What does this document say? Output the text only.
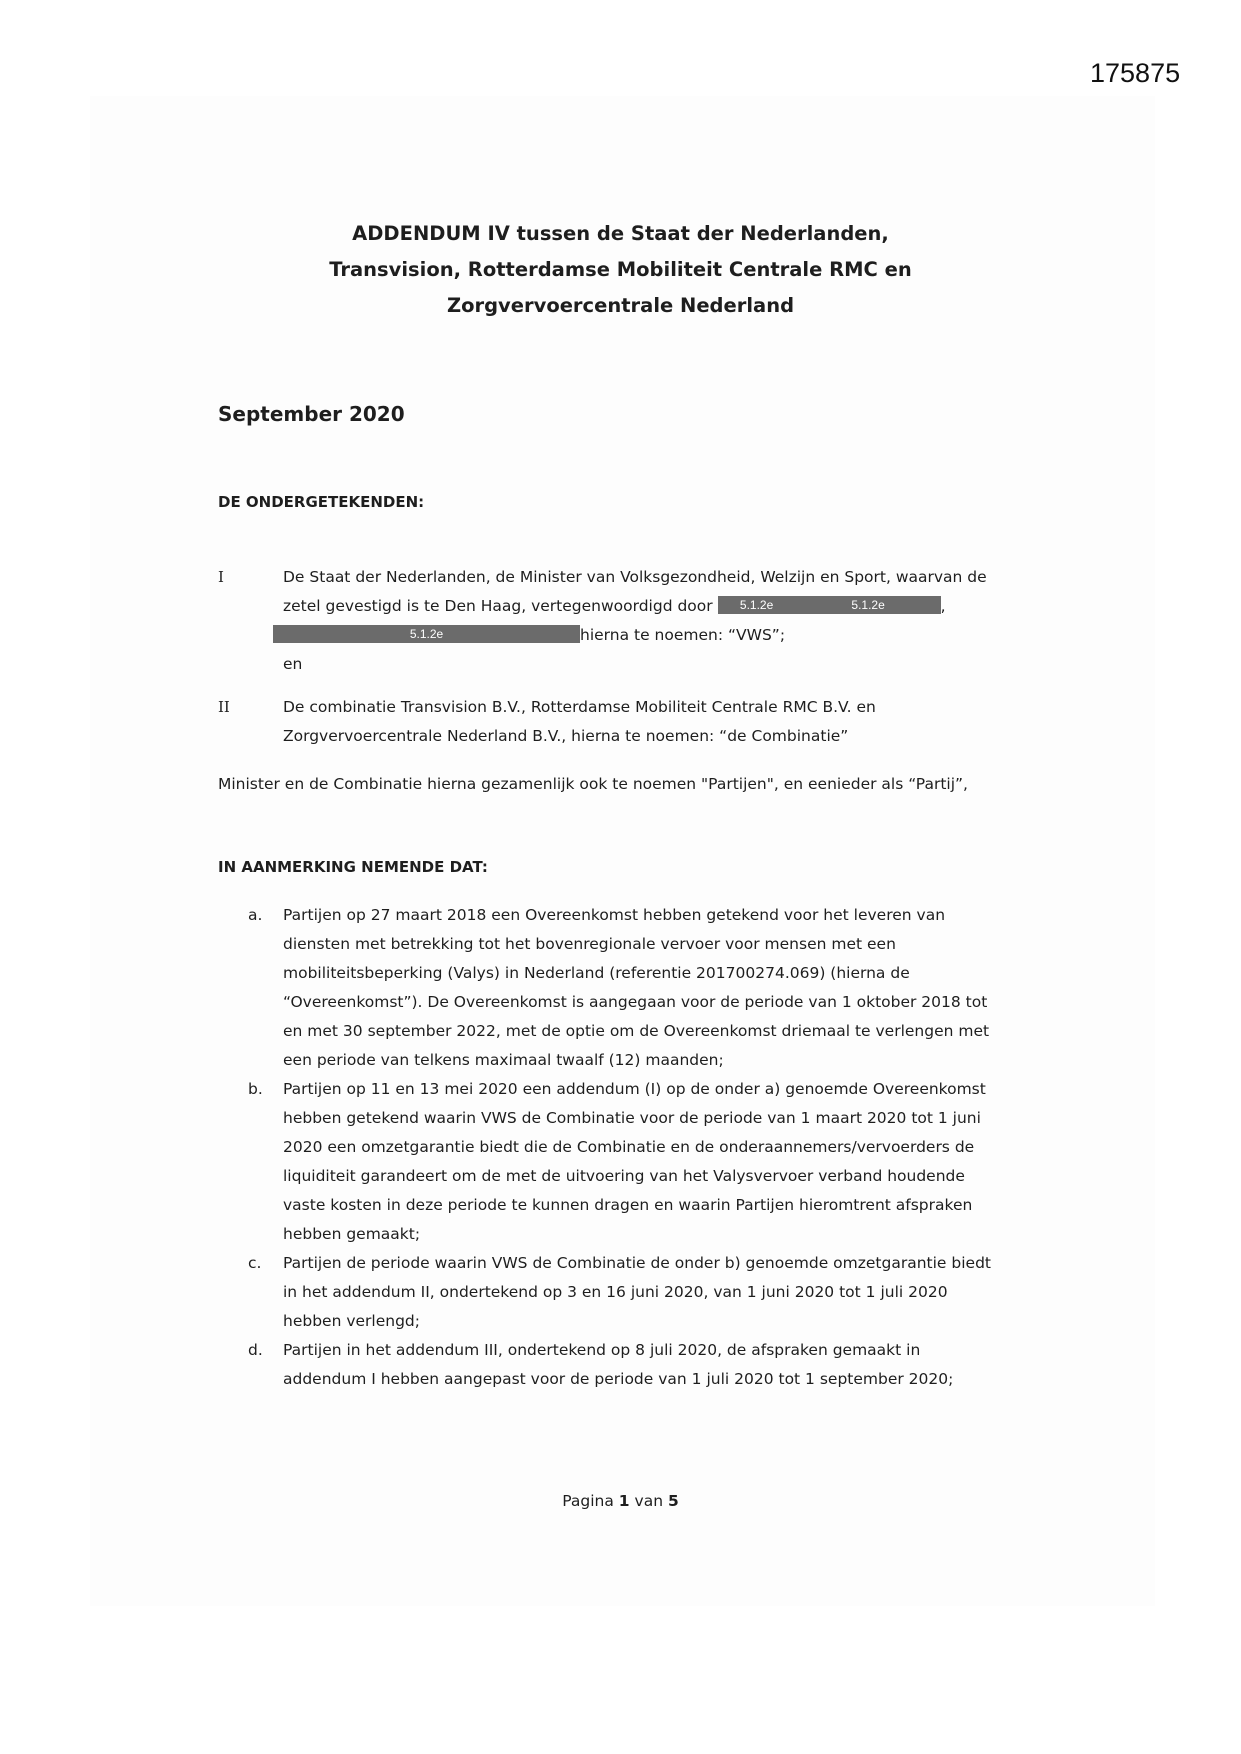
175875
ADDENDUM IV tussen de Staat der Nederlanden,
Transvision, Rotterdamse Mobiliteit Centrale RMC en
Zorgvervoercentrale Nederland
September 2020
DE ONDERGETEKENDEN:
I	De Staat der Nederlanden, de Minister van Volksgezondheid, Welzijn en Sport, waarvan de
zetel gevestigd is te Den Haag, vertegenwoordigd door 5.1.2e	5.1.2e	,
5.1.2e	hierna te noemen: “VWS”;
en
II	De combinatie Transvision B.V., Rotterdamse Mobiliteit Centrale RMC B.V. en
Zorgvervoercentrale Nederland B.V., hierna te noemen: “de Combinatie”
Minister en de Combinatie hierna gezamenlijk ook te noemen "Partijen", en eenieder als “Partij”,
IN AANMERKING NEMENDE DAT:
a. Partijen op 27 maart 2018 een Overeenkomst hebben getekend voor het leveren van
diensten met betrekking tot het bovenregionale vervoer voor mensen met een
mobiliteitsbeperking (Valys) in Nederland (referentie 201700274.069) (hierna de
“Overeenkomst”). De Overeenkomst is aangegaan voor de periode van 1 oktober 2018 tot
en met 30 september 2022, met de optie om de Overeenkomst driemaal te verlengen met
een periode van telkens maximaal twaalf (12) maanden;
b. Partijen op 11 en 13 mei 2020 een addendum (I) op de onder a) genoemde Overeenkomst
hebben getekend waarin VWS de Combinatie voor de periode van 1 maart 2020 tot 1 juni
2020 een omzetgarantie biedt die de Combinatie en de onderaannemers/vervoerders de
liquiditeit garandeert om de met de uitvoering van het Valysvervoer verband houdende
vaste kosten in deze periode te kunnen dragen en waarin Partijen hieromtrent afspraken
hebben gemaakt;
c. Partijen de periode waarin VWS de Combinatie de onder b) genoemde omzetgarantie biedt
in het addendum II, ondertekend op 3 en 16 juni 2020, van 1 juni 2020 tot 1 juli 2020
hebben verlengd;
d. Partijen in het addendum III, ondertekend op 8 juli 2020, de afspraken gemaakt in
addendum I hebben aangepast voor de periode van 1 juli 2020 tot 1 september 2020;
Pagina 1 van 5
